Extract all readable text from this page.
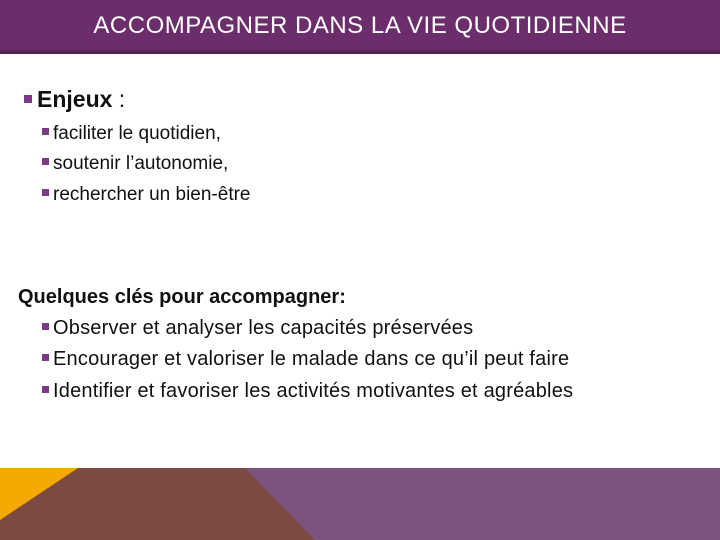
ACCOMPAGNER DANS LA VIE QUOTIDIENNE
Enjeux :
faciliter le quotidien,
soutenir l’autonomie,
rechercher un bien-être
Quelques clés pour accompagner:
Observer et analyser les capacités préservées
Encourager et valoriser le malade dans ce qu’il peut faire
Identifier et favoriser les activités motivantes et agréables
